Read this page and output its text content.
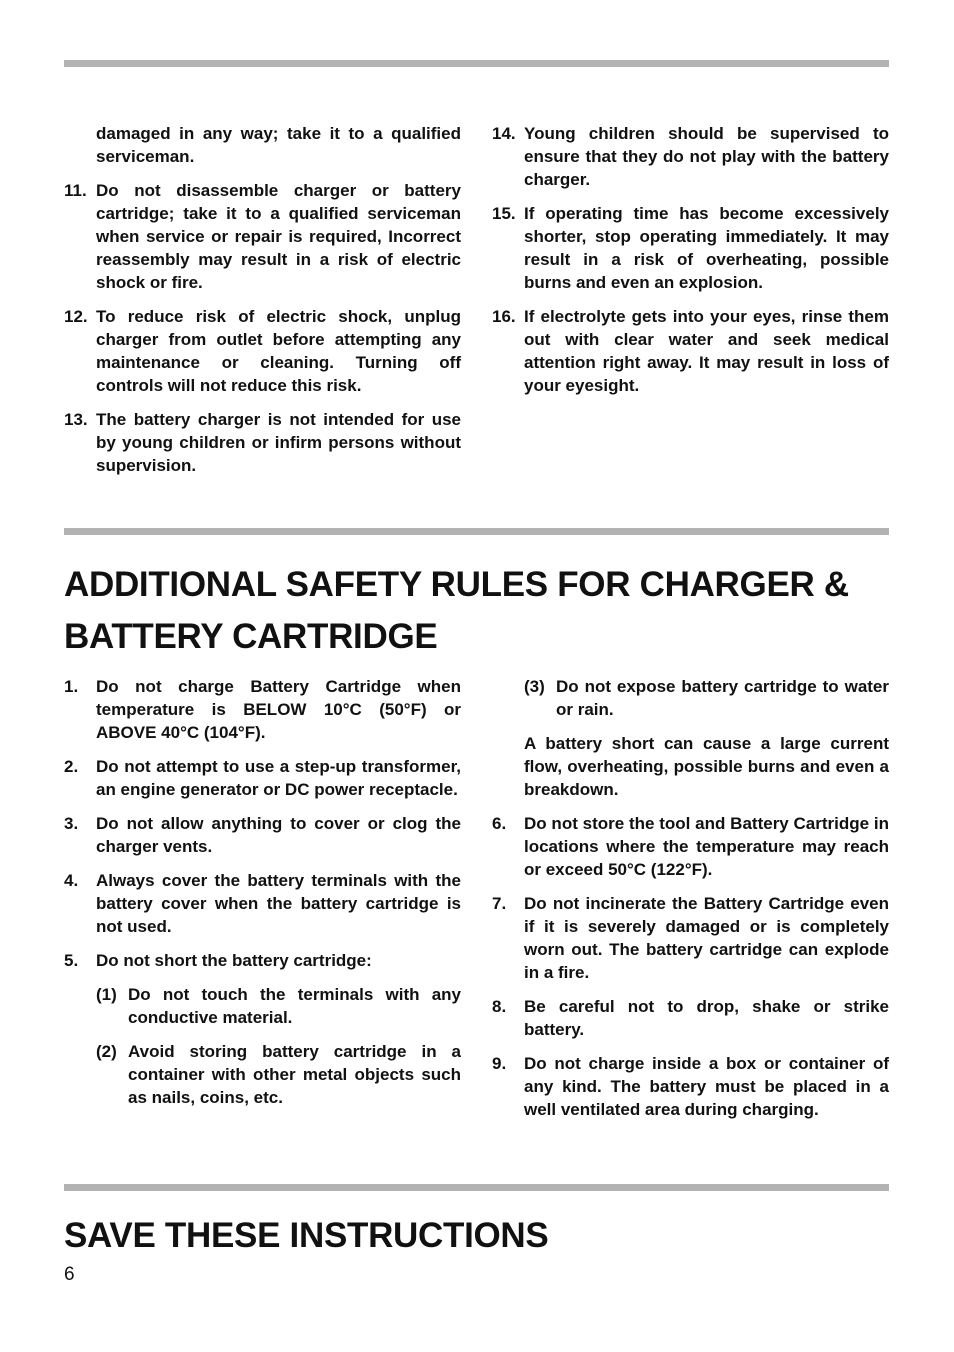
damaged in any way; take it to a qualified serviceman.
11. Do not disassemble charger or battery cartridge; take it to a qualified serviceman when service or repair is required, Incorrect reassembly may result in a risk of electric shock or fire.
12. To reduce risk of electric shock, unplug charger from outlet before attempting any maintenance or cleaning. Turning off controls will not reduce this risk.
13. The battery charger is not intended for use by young children or infirm persons without supervision.
14. Young children should be supervised to ensure that they do not play with the battery charger.
15. If operating time has become excessively shorter, stop operating immediately. It may result in a risk of overheating, possible burns and even an explosion.
16. If electrolyte gets into your eyes, rinse them out with clear water and seek medical attention right away. It may result in loss of your eyesight.
ADDITIONAL SAFETY RULES FOR CHARGER &
BATTERY CARTRIDGE
1. Do not charge Battery Cartridge when temperature is BELOW 10°C (50°F) or ABOVE 40°C (104°F).
2. Do not attempt to use a step-up transformer, an engine generator or DC power receptacle.
3. Do not allow anything to cover or clog the charger vents.
4. Always cover the battery terminals with the battery cover when the battery cartridge is not used.
5. Do not short the battery cartridge:
(1) Do not touch the terminals with any conductive material.
(2) Avoid storing battery cartridge in a container with other metal objects such as nails, coins, etc.
(3) Do not expose battery cartridge to water or rain.
A battery short can cause a large current flow, overheating, possible burns and even a breakdown.
6. Do not store the tool and Battery Cartridge in locations where the temperature may reach or exceed 50°C (122°F).
7. Do not incinerate the Battery Cartridge even if it is severely damaged or is completely worn out. The battery cartridge can explode in a fire.
8. Be careful not to drop, shake or strike battery.
9. Do not charge inside a box or container of any kind. The battery must be placed in a well ventilated area during charging.
SAVE THESE INSTRUCTIONS
6
